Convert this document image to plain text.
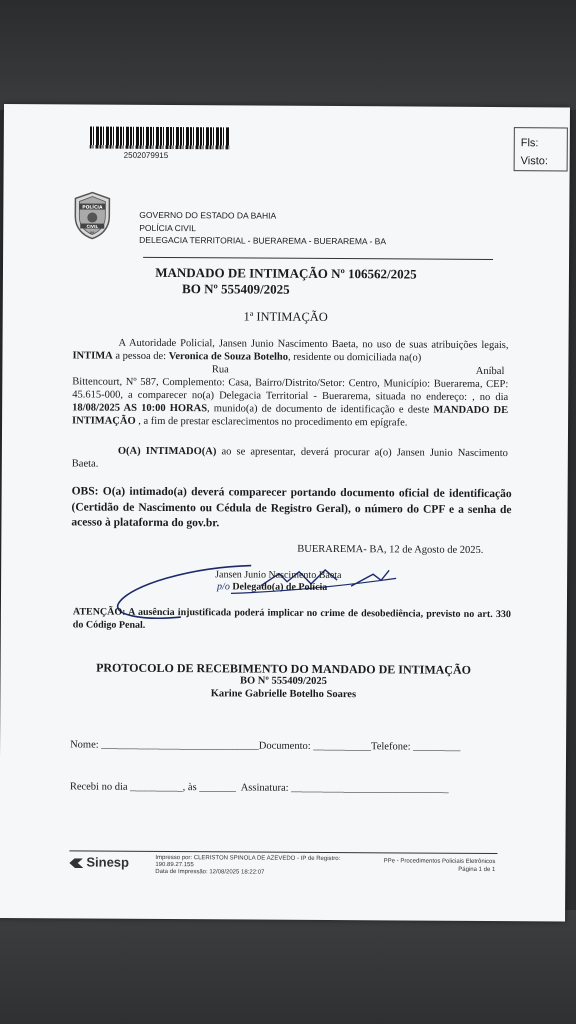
2502079915
Fls:
Visto:
POLÍCIA
CIVIL
BA
GOVERNO DO ESTADO DA BAHIA
POLÍCIA CIVIL
DELEGACIA TERRITORIAL - BUERAREMA - BUERAREMA - BA
MANDADO DE INTIMAÇÃO Nº 106562/2025
BO Nº 555409/2025
1ª INTIMAÇÃO
A Autoridade Policial, Jansen Junio Nascimento Baeta, no uso de suas atribuições legais, INTIMA a pessoa de: Veronica de Souza Botelho, residente ou domiciliada na(o)
Rua	Aníbal
Bittencourt, Nº 587, Complemento: Casa, Bairro/Distrito/Setor: Centro, Município: Buerarema, CEP: 45.615-000, a comparecer no(a) Delegacia Territorial - Buerarema, situada no endereço: , no dia 18/08/2025 AS 10:00 HORAS, munido(a) de documento de identificação e deste MANDADO DE INTIMAÇÃO , a fim de prestar esclarecimentos no procedimento em epígrafe.
O(A) INTIMADO(A) ao se apresentar, deverá procurar a(o) Jansen Junio Nascimento Baeta.
OBS: O(a) intimado(a) deverá comparecer portando documento oficial de identificação (Certidão de Nascimento ou Cédula de Registro Geral), o número do CPF e a senha de acesso à plataforma do gov.br.
BUERAREMA- BA, 12 de Agosto de 2025.
Jansen Junio Nascimento Baeta
p/o Delegado(a) de Polícia
ATENÇÃO: A ausência injustificada poderá implicar no crime de desobediência, previsto no art. 330 do Código Penal.
PROTOCOLO DE RECEBIMENTO DO MANDADO DE INTIMAÇÃO
BO Nº 555409/2025
Karine Gabrielle Botelho Soares

Nome: ______________________________Documento: ___________Telefone: _________

Recebi no dia __________, às _______  Assinatura: ______________________________

Sinesp	Impresso por: CLERISTON SPINOLA DE AZEVEDO - IP de Registro: 190.89.27.155
Data de Impressão: 12/08/2025 18:22:07
PPe - Procedimentos Policiais Eletrônicos
Página 1 de 1
